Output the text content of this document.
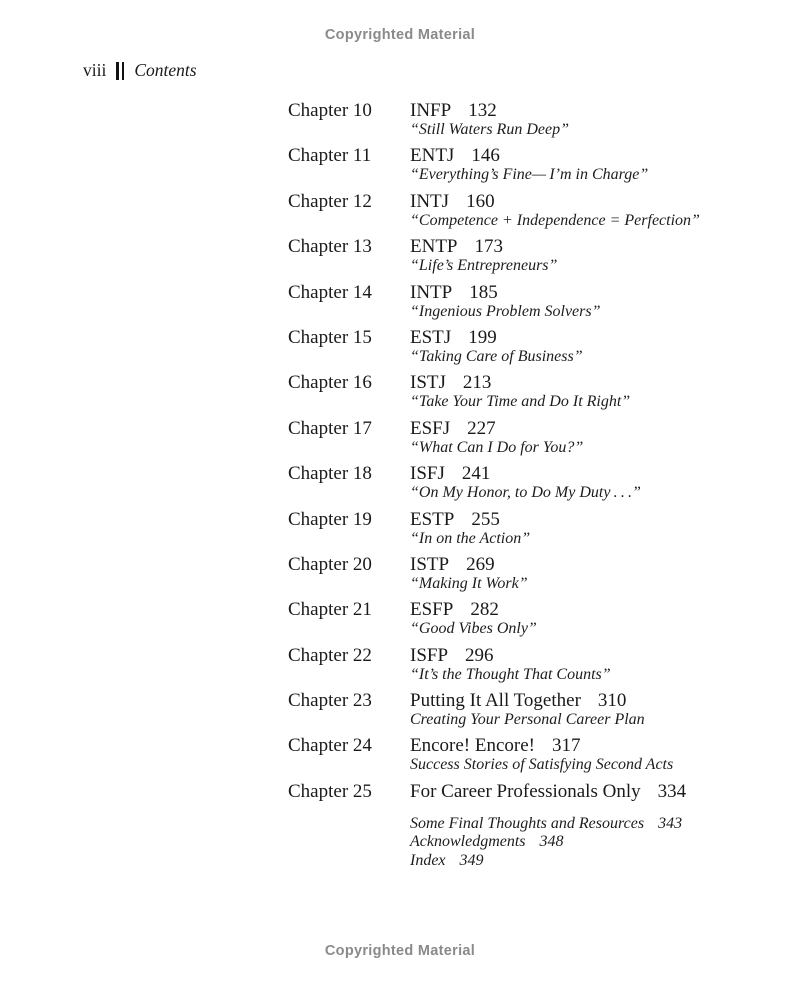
Copyrighted Material
viii Contents
Chapter 10	INFP 132
“Still Waters Run Deep”
Chapter 11	ENTJ 146
“Everything’s Fine— I’m in Charge”
Chapter 12	INTJ 160
“Competence + Independence = Perfection”
Chapter 13	ENTP 173
“Life’s Entrepreneurs”
Chapter 14	INTP 185
“Ingenious Problem Solvers”
Chapter 15	ESTJ 199
“Taking Care of Business”
Chapter 16	ISTJ 213
“Take Your Time and Do It Right”
Chapter 17	ESFJ 227
“What Can I Do for You?”
Chapter 18	ISFJ 241
“On My Honor, to Do My Duty . . .”
Chapter 19	ESTP 255
“In on the Action”
Chapter 20	ISTP 269
“Making It Work”
Chapter 21	ESFP 282
“Good Vibes Only”
Chapter 22	ISFP 296
“It’s the Thought That Counts”
Chapter 23	Putting It All Together 310
Creating Your Personal Career Plan
Chapter 24	Encore! Encore! 317
Success Stories of Satisfying Second Acts
Chapter 25	For Career Professionals Only 334
Some Final Thoughts and Resources 343
Acknowledgments 348
Index 349
Copyrighted Material
